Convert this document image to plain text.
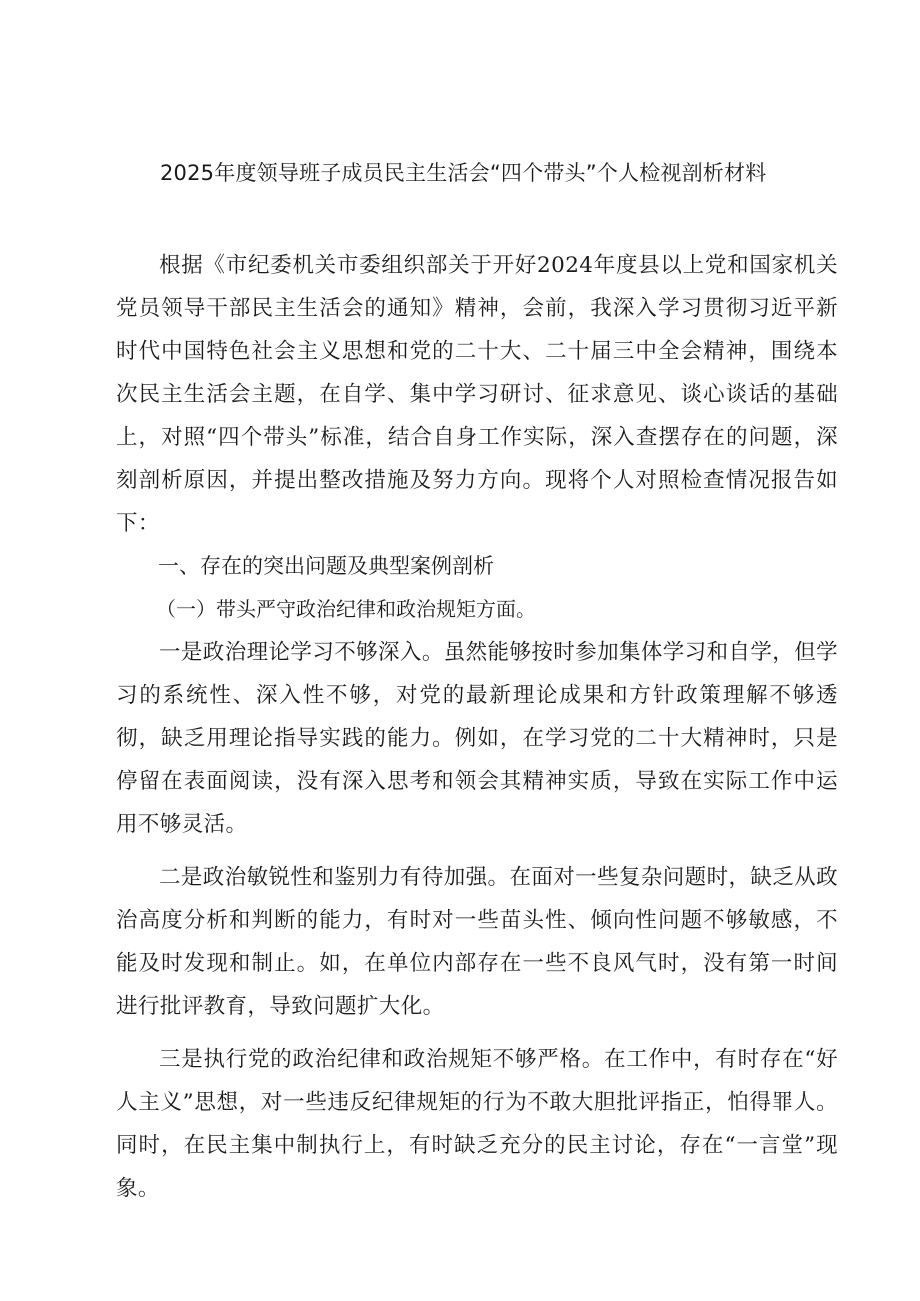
2025年度领导班子成员民主生活会“四个带头”个人检视剖析材料

根据《市纪委机关市委组织部关于开好2024年度县以上党和国家机关党员领导干部民主生活会的通知》精神，会前，我深入学习贯彻习近平新时代中国特色社会主义思想和党的二十大、二十届三中全会精神，围绕本次民主生活会主题，在自学、集中学习研讨、征求意见、谈心谈话的基础上，对照“四个带头”标准，结合自身工作实际，深入查摆存在的问题，深刻剖析原因，并提出整改措施及努力方向。现将个人对照检查情况报告如下：

一、存在的突出问题及典型案例剖析

（一）带头严守政治纪律和政治规矩方面。

一是政治理论学习不够深入。虽然能够按时参加集体学习和自学，但学习的系统性、深入性不够，对党的最新理论成果和方针政策理解不够透彻，缺乏用理论指导实践的能力。例如，在学习党的二十大精神时，只是停留在表面阅读，没有深入思考和领会其精神实质，导致在实际工作中运用不够灵活。

二是政治敏锐性和鉴别力有待加强。在面对一些复杂问题时，缺乏从政治高度分析和判断的能力，有时对一些苗头性、倾向性问题不够敏感，不能及时发现和制止。如，在单位内部存在一些不良风气时，没有第一时间进行批评教育，导致问题扩大化。

三是执行党的政治纪律和政治规矩不够严格。在工作中，有时存在“好人主义”思想，对一些违反纪律规矩的行为不敢大胆批评指正，怕得罪人。同时，在民主集中制执行上，有时缺乏充分的民主讨论，存在“一言堂”现象。
